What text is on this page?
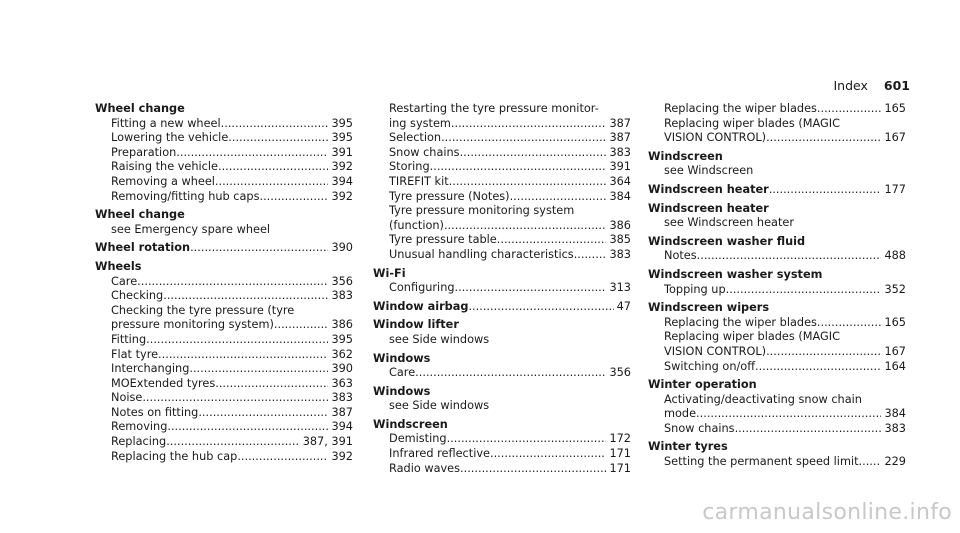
Index 601
Wheel change
Fitting a new wheel .....	395
Lowering the vehicle .....	395
Preparation .....	391
Raising the vehicle .....	392
Removing a wheel .....	394
Removing/fitting hub caps .....	392
Wheel change
see Emergency spare wheel
Wheel rotation .....	390
Wheels
Care .....	356
Checking .....	383
Checking the tyre pressure (tyre
pressure monitoring system) .....	386
Fitting .....	395
Flat tyre .....	362
Interchanging .....	390
MOExtended tyres .....	363
Noise .....	383
Notes on fitting .....	387
Removing .....	394
Replacing .....	387, 391
Replacing the hub cap .....	392
Restarting the tyre pressure monitor-
ing system .....	387
Selection .....	387
Snow chains .....	383
Storing .....	391
TIREFIT kit .....	364
Tyre pressure (Notes) .....	384
Tyre pressure monitoring system
(function) .....	386
Tyre pressure table .....	385
Unusual handling characteristics .....	383
Wi-Fi
Configuring .....	313
Window airbag .....	47
Window lifter
see Side windows
Windows
Care .....	356
Windows
see Side windows
Windscreen
Demisting .....	172
Infrared reflective .....	171
Radio waves .....	171
Replacing the wiper blades .....	165
Replacing wiper blades (MAGIC
VISION CONTROL) .....	167
Windscreen
see Windscreen
Windscreen heater .....	177
Windscreen heater
see Windscreen heater
Windscreen washer fluid
Notes .....	488
Windscreen washer system
Topping up .....	352
Windscreen wipers
Replacing the wiper blades .....	165
Replacing wiper blades (MAGIC
VISION CONTROL) .....	167
Switching on/off .....	164
Winter operation
Activating/deactivating snow chain
mode .....	384
Snow chains .....	383
Winter tyres
Setting the permanent speed limit .....	229
carmanualsonline.info
